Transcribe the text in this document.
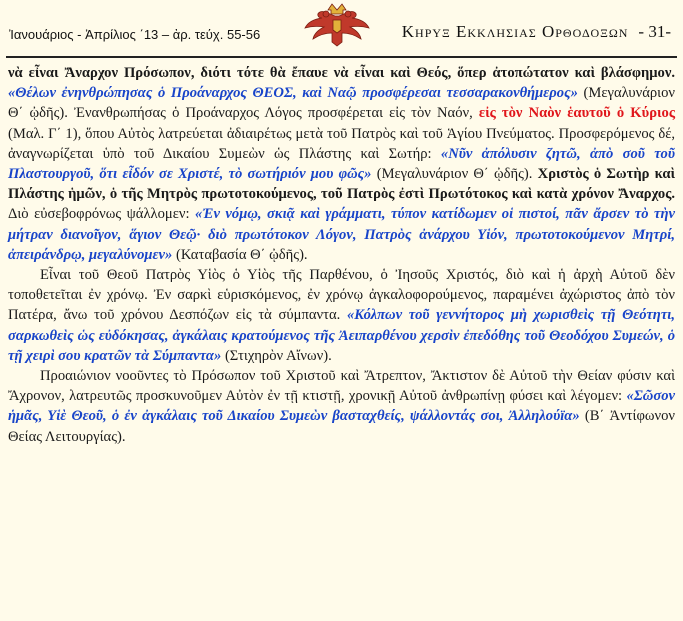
Ἰανουάριος - Ἀπρίλιος ΄13 – ἀρ. τεύχ. 55-56	Κηρυξ Εκκλησιας Ορθοδοξων - 31-

νὰ εἶναι Ἄναρχον Πρόσωπον, διότι τότε θὰ ἔπαυε νὰ εἶναι καὶ Θεός, ὅπερ ἀτοπώτατον καὶ βλάσφημον. «Θέλων ἐνηνθρώπησας ὁ Προάναρχος ΘΕΟΣ, καὶ Ναῷ προσφέρεσαι τεσσαρακονθήμερος» (Μεγαλυνάριον Θ΄ ᾠδῆς). Ἐνανθρωπήσας ὁ Προάναρχος Λόγος προσφέρεται εἰς τὸν Ναόν, εἰς τὸν Ναὸν ἑαυτοῦ ὁ Κύριος (Μαλ. Γ΄ 1), ὅπου Αὐτὸς λατρεύεται ἀδιαιρέτως μετὰ τοῦ Πατρὸς καὶ τοῦ Ἁγίου Πνεύματος. Προσφερόμενος δέ, ἀναγνωρίζεται ὑπὸ τοῦ Δικαίου Συμεὼν ὡς Πλάστης καὶ Σωτήρ: «Νῦν ἀπόλυσιν ζητῶ, ἀπὸ σοῦ τοῦ Πλαστουργοῦ, ὅτι εἶδόν σε Χριστέ, τὸ σωτήριόν μου φῶς» (Μεγαλυνάριον Θ΄ ᾠδῆς). Χριστὸς ὁ Σωτὴρ καὶ Πλάστης ἡμῶν, ὁ τῆς Μητρὸς πρωτοτοκούμενος, τοῦ Πατρὸς ἐστὶ Πρωτότοκος καὶ κατὰ χρόνον Ἄναρχος. Διὸ εὐσεβοφρόνως ψάλλομεν: «Ἐν νόμῳ, σκιᾷ καὶ γράμματι, τύπον κατίδωμεν οἱ πιστοί, πᾶν ἄρσεν τὸ τὴν μήτραν διανοῖγον, ἅγιον Θεῷ· διὸ πρωτότοκον Λόγον, Πατρὸς ἀνάρχου Υἱόν, πρωτοτοκούμενον Μητρί, ἀπειράνδρῳ, μεγαλύνομεν» (Καταβασία Θ΄ ᾠδῆς).

Εἶναι τοῦ Θεοῦ Πατρὸς Υἱὸς ὁ Υἱὸς τῆς Παρθένου, ὁ Ἰησοῦς Χριστός, διὸ καὶ ἡ ἀρχὴ Αὐτοῦ δὲν τοποθετεῖται ἐν χρόνῳ. Ἐν σαρκὶ εὑρισκόμενος, ἐν χρόνῳ ἀγκαλοφορούμενος, παραμένει ἀχώριστος ἀπὸ τὸν Πατέρα, ἄνω τοῦ χρόνου Δεσπόζων εἰς τὰ σύμπαντα. «Κόλπων τοῦ γεννήτορος μὴ χωρισθεὶς τῇ Θεότητι, σαρκωθεὶς ὡς εὐδόκησας, ἀγκάλαις κρατούμενος τῆς Ἀειπαρθένου χερσὶν ἐπεδόθης τοῦ Θεοδόχου Συμεών, ὁ τῇ χειρὶ σου κρατῶν τὰ Σύμπαντα» (Στιχηρὸν Αἴνων).

Προαιώνιον νοοῦντες τὸ Πρόσωπον τοῦ Χριστοῦ καὶ Ἄτρεπτον, Ἄκτιστον δὲ Αὐτοῦ τὴν Θείαν φύσιν καὶ Ἄχρονον, λατρευτῶς προσκυνοῦμεν Αὐτὸν ἐν τῇ κτιστῇ, χρονικῇ Αὐτοῦ ἀνθρωπίνῃ φύσει καὶ λέγομεν: «Σῶσον ἡμᾶς, Υἱὲ Θεοῦ, ὁ ἐν ἀγκάλαις τοῦ Δικαίου Συμεὼν βασταχθείς, ψάλλοντάς σοι, Ἀλληλούϊα» (Β΄ Ἀντίφωνον Θείας Λειτουργίας).
